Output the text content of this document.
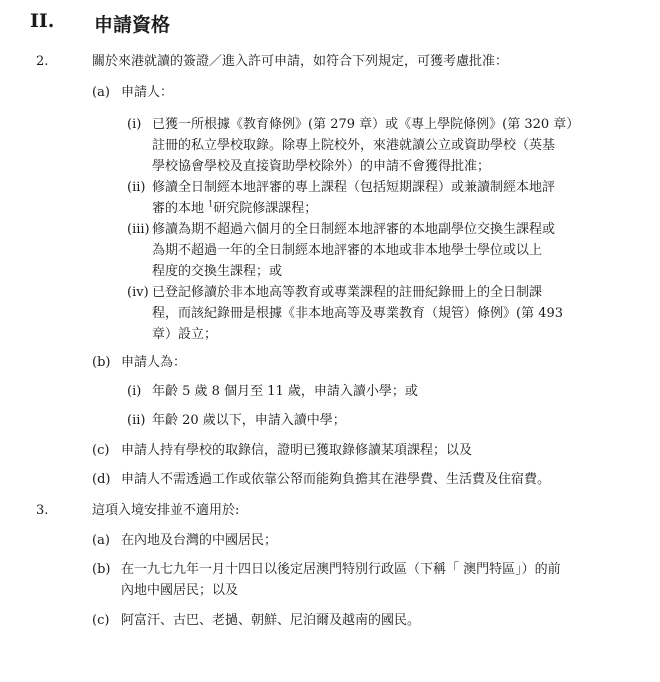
II. 申請資格
2.	關於來港就讀的簽證／進入許可申請，如符合下列規定，可獲考慮批准：
(a) 申請人：
(i) 已獲一所根據《教育條例》(第 279 章）或《專上學院條例》(第 320 章）
註冊的私立學校取錄。除專上院校外，來港就讀公立或資助學校（英基
學校協會學校及直接資助學校除外）的申請不會獲得批准；
(ii) 修讀全日制經本地評審的專上課程（包括短期課程）或兼讀制經本地評
審的本地 $^1$研究院修課課程；
(iii) 修讀為期不超過六個月的全日制經本地評審的本地副學位交換生課程或
為期不超過一年的全日制經本地評審的本地或非本地學士學位或以上
程度的交換生課程；或
(iv) 已登記修讀於非本地高等教育或專業課程的註冊紀錄冊上的全日制課
程，而該紀錄冊是根據《非本地高等及專業教育（規管）條例》(第 493
章）設立；
(b) 申請人為：
(i) 年齡 5 歲 8 個月至 11 歲，申請入讀小學；或
(ii) 年齡 20 歲以下，申請入讀中學；
(c) 申請人持有學校的取錄信，證明已獲取錄修讀某項課程；以及
(d) 申請人不需透過工作或依靠公帑而能夠負擔其在港學費、生活費及住宿費。
3.	這項入境安排並不適用於:
(a) 在內地及台灣的中國居民；
(b) 在一九七九年一月十四日以後定居澳門特別行政區（下稱「 澳門特區」）的前
內地中國居民；以及
(c) 阿富汗、古巴、老撾、朝鮮、尼泊爾及越南的國民。
